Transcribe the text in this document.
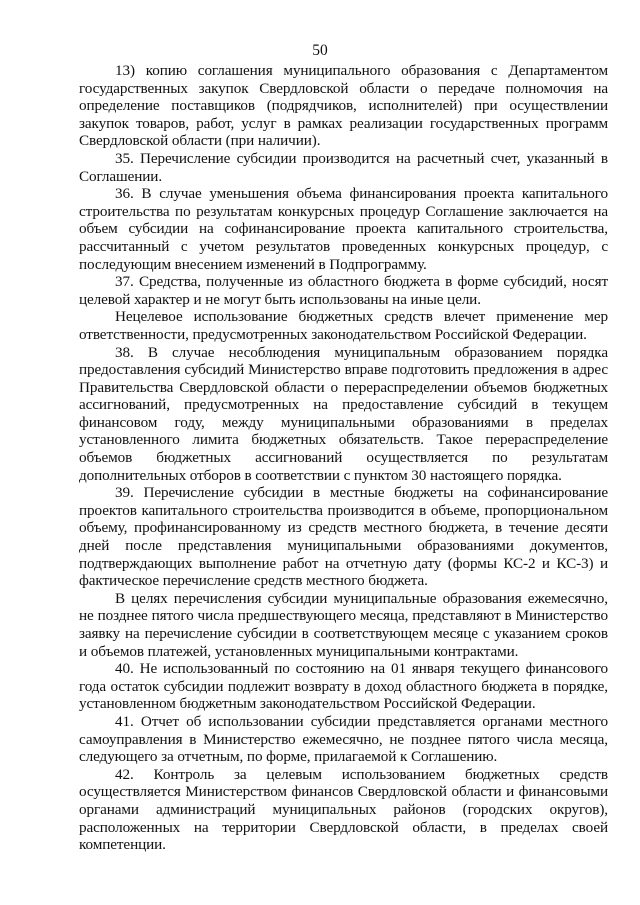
50

13) копию соглашения муниципального образования с Департаментом государственных закупок Свердловской области о передаче полномочия на определение поставщиков (подрядчиков, исполнителей) при осуществлении закупок товаров, работ, услуг в рамках реализации государственных программ Свердловской области (при наличии).

35. Перечисление субсидии производится на расчетный счет, указанный в Соглашении.

36. В случае уменьшения объема финансирования проекта капитального строительства по результатам конкурсных процедур Соглашение заключается на объем субсидии на софинансирование проекта капитального строительства, рассчитанный с учетом результатов проведенных конкурсных процедур, с последующим внесением изменений в Подпрограмму.

37. Средства, полученные из областного бюджета в форме субсидий, носят целевой характер и не могут быть использованы на иные цели.

Нецелевое использование бюджетных средств влечет применение мер ответственности, предусмотренных законодательством Российской Федерации.

38. В случае несоблюдения муниципальным образованием порядка предоставления субсидий Министерство вправе подготовить предложения в адрес Правительства Свердловской области о перераспределении объемов бюджетных ассигнований, предусмотренных на предоставление субсидий в текущем финансовом году, между муниципальными образованиями в пределах установленного лимита бюджетных обязательств. Такое перераспределение объемов бюджетных ассигнований осуществляется по результатам дополнительных отборов в соответствии с пунктом 30 настоящего порядка.

39. Перечисление субсидии в местные бюджеты на софинансирование проектов капитального строительства производится в объеме, пропорциональном объему, профинансированному из средств местного бюджета, в течение десяти дней после представления муниципальными образованиями документов, подтверждающих выполнение работ на отчетную дату (формы КС-2 и КС-3) и фактическое перечисление средств местного бюджета.

В целях перечисления субсидии муниципальные образования ежемесячно, не позднее пятого числа предшествующего месяца, представляют в Министерство заявку на перечисление субсидии в соответствующем месяце с указанием сроков и объемов платежей, установленных муниципальными контрактами.

40. Не использованный по состоянию на 01 января текущего финансового года остаток субсидии подлежит возврату в доход областного бюджета в порядке, установленном бюджетным законодательством Российской Федерации.

41. Отчет об использовании субсидии представляется органами местного самоуправления в Министерство ежемесячно, не позднее пятого числа месяца, следующего за отчетным, по форме, прилагаемой к Соглашению.

42. Контроль за целевым использованием бюджетных средств осуществляется Министерством финансов Свердловской области и финансовыми органами администраций муниципальных районов (городских округов), расположенных на территории Свердловской области, в пределах своей компетенции.
